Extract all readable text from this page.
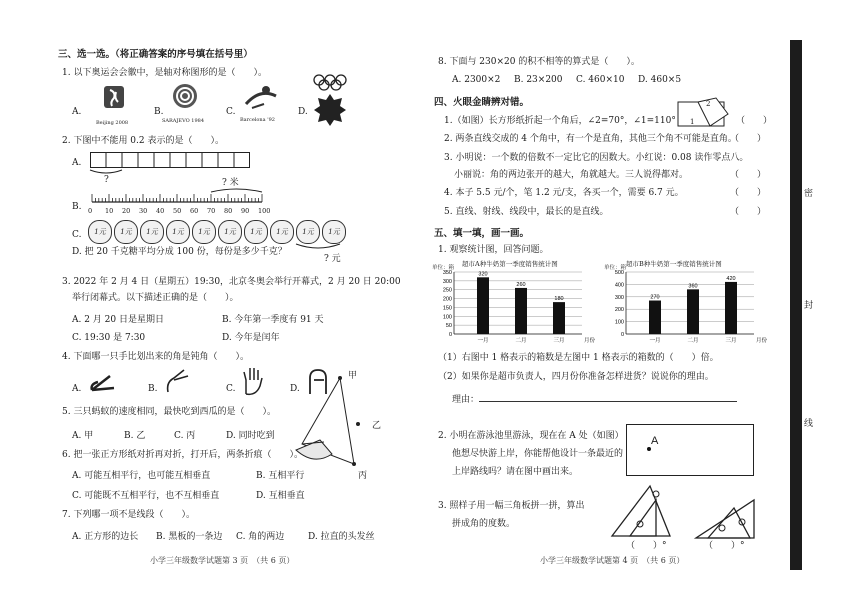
三、选一选。（将正确答案的序号填在括号里）
1. 以下奥运会会徽中，是轴对称图形的是（　　）。
A.
Beijing 2008
B.
SARAJEVO 1984
C.
Barcelona '92
D.
2. 下图中不能用 0.2 表示的是（　　）。
A.
?	? 米
B. 0 10 20 30 40 50 60 70 80 90 100
C.	1元	1元	1元	1元	1元	1元	1元	1元	1元	1元
? 元
D. 把 20 千克糖平均分成 100 份，每份是多少千克？
3. 2022 年 2 月 4 日（星期五）19:30，北京冬奥会举行开幕式，2 月 20 日 20:00
举行闭幕式。以下描述正确的是（　　）。
A. 2 月 20 日是星期日	B. 今年第一季度有 91 天
C. 19:30 是 7:30	D. 今年是闰年
4. 下面哪一只手比划出来的角是钝角（　　）。
A.	B.	C.	D.
5. 三只蚂蚁的速度相同，最快吃到西瓜的是（　　）。
A. 甲	B. 乙	C. 丙	D. 同时吃到
甲
乙
丙
6. 把一张正方形纸对折再对折，打开后，两条折痕（　　）。
A. 可能互相平行，也可能互相垂直	B. 互相平行
C. 可能既不互相平行，也不互相垂直	D. 互相垂直
7. 下列哪一项不是线段（　　）。
A. 正方形的边长 B. 黑板的一条边 C. 角的两边	D. 拉直的头发丝
小学三年级数学试题第 3 页　（共 6 页）
8. 下面与 230×20 的积不相等的算式是（　　）。
A. 2300×2 B. 23×200 C. 460×10 D. 460×5
四、火眼金睛辨对错。
1.（如图）长方形纸折起一个角后，∠2=70°，∠1=110°
2
1	（　　）
2. 两条直线交成的 4 个角中，有一个是直角，其他三个角不可能是直角。
（　　）
3. 小明说：一个数的倍数不一定比它的因数大。小红说：0.08 读作零点八。
小丽说：角的两边张开的越大，角就越大。三人说得都对。	（　　）
4. 本子 5.5 元/个，笔 1.2 元/支，各买一个，需要 6.7 元。	（　　）
5. 直线、射线、线段中，最长的是直线。	（　　）
五、填一填，画一画。
1. 观察统计图，回答问题。
超市A种牛奶第一季度销售统计图
单位：箱
0
50
100
150
200
250
300
350	320
一月
260
二月
180
三月	月份
超市B种牛奶第一季度销售统计图
单位：箱
0
100
200
300
400
500
270
一月
360
二月
420
三月	月份
（1）右图中 1 格表示的箱数是左图中 1 格表示的箱数的（　　）倍。
（2）如果你是超市负责人，四月份你准备怎样进货？说说你的理由。
理由：
2. 小明在游泳池里游泳，现在在 A 处（如图）
他想尽快游上岸，你能帮他设计一条最近的
上岸路线吗？请在图中画出来。
A
3. 照样子用一幅三角板拼一拼，算出
拼成角的度数。
（　　）°	（　　）°
小学三年级数学试题第 4 页　（共 6 页）
密
封
线
